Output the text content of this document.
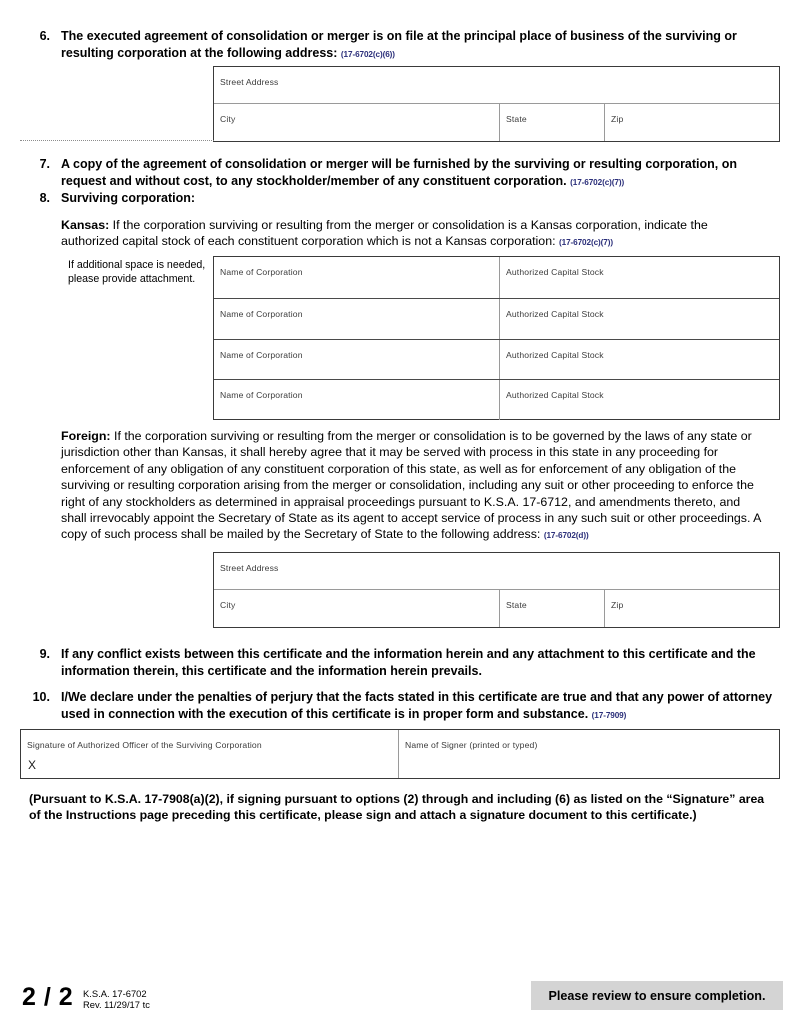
6. The executed agreement of consolidation or merger is on file at the principal place of business of the surviving or resulting corporation at the following address: (17-6702(c)(6))
Street Address
City	State	Zip
7. A copy of the agreement of consolidation or merger will be furnished by the surviving or resulting corporation, on request and without cost, to any stockholder/member of any constituent corporation. (17-6702(c)(7))
8. Surviving corporation:
Kansas: If the corporation surviving or resulting from the merger or consolidation is a Kansas corporation, indicate the authorized capital stock of each constituent corporation which is not a Kansas corporation: (17-6702(c)(7))
If additional space is needed, please provide attachment.
Name of Corporation	Authorized Capital Stock
Name of Corporation	Authorized Capital Stock
Name of Corporation	Authorized Capital Stock
Name of Corporation	Authorized Capital Stock
Foreign: If the corporation surviving or resulting from the merger or consolidation is to be governed by the laws of any state or jurisdiction other than Kansas, it shall hereby agree that it may be served with process in this state in any proceeding for enforcement of any obligation of any constituent corporation of this state, as well as for enforcement of any obligation of the surviving or resulting corporation arising from the merger or consolidation, including any suit or other proceeding to enforce the right of any stockholders as determined in appraisal proceedings pursuant to K.S.A. 17-6712, and amendments thereto, and shall irrevocably appoint the Secretary of State as its agent to accept service of process in any such suit or other proceedings. A copy of such process shall be mailed by the Secretary of State to the following address: (17-6702(d))
Street Address
City	State	Zip
9. If any conflict exists between this certificate and the information herein and any attachment to this certificate and the information therein, this certificate and the information herein prevails.
10. I/We declare under the penalties of perjury that the facts stated in this certificate are true and that any power of attorney used in connection with the execution of this certificate is in proper form and substance. (17-7909)
Signature of Authorized Officer of the Surviving Corporation
X
Name of Signer (printed or typed)
(Pursuant to K.S.A. 17-7908(a)(2), if signing pursuant to options (2) through and including (6) as listed on the “Signature” area of the Instructions page preceding this certificate, please sign and attach a signature document to this certificate.)
2 / 2 K.S.A. 17-6702
Rev. 11/29/17 tc
Please review to ensure completion.
